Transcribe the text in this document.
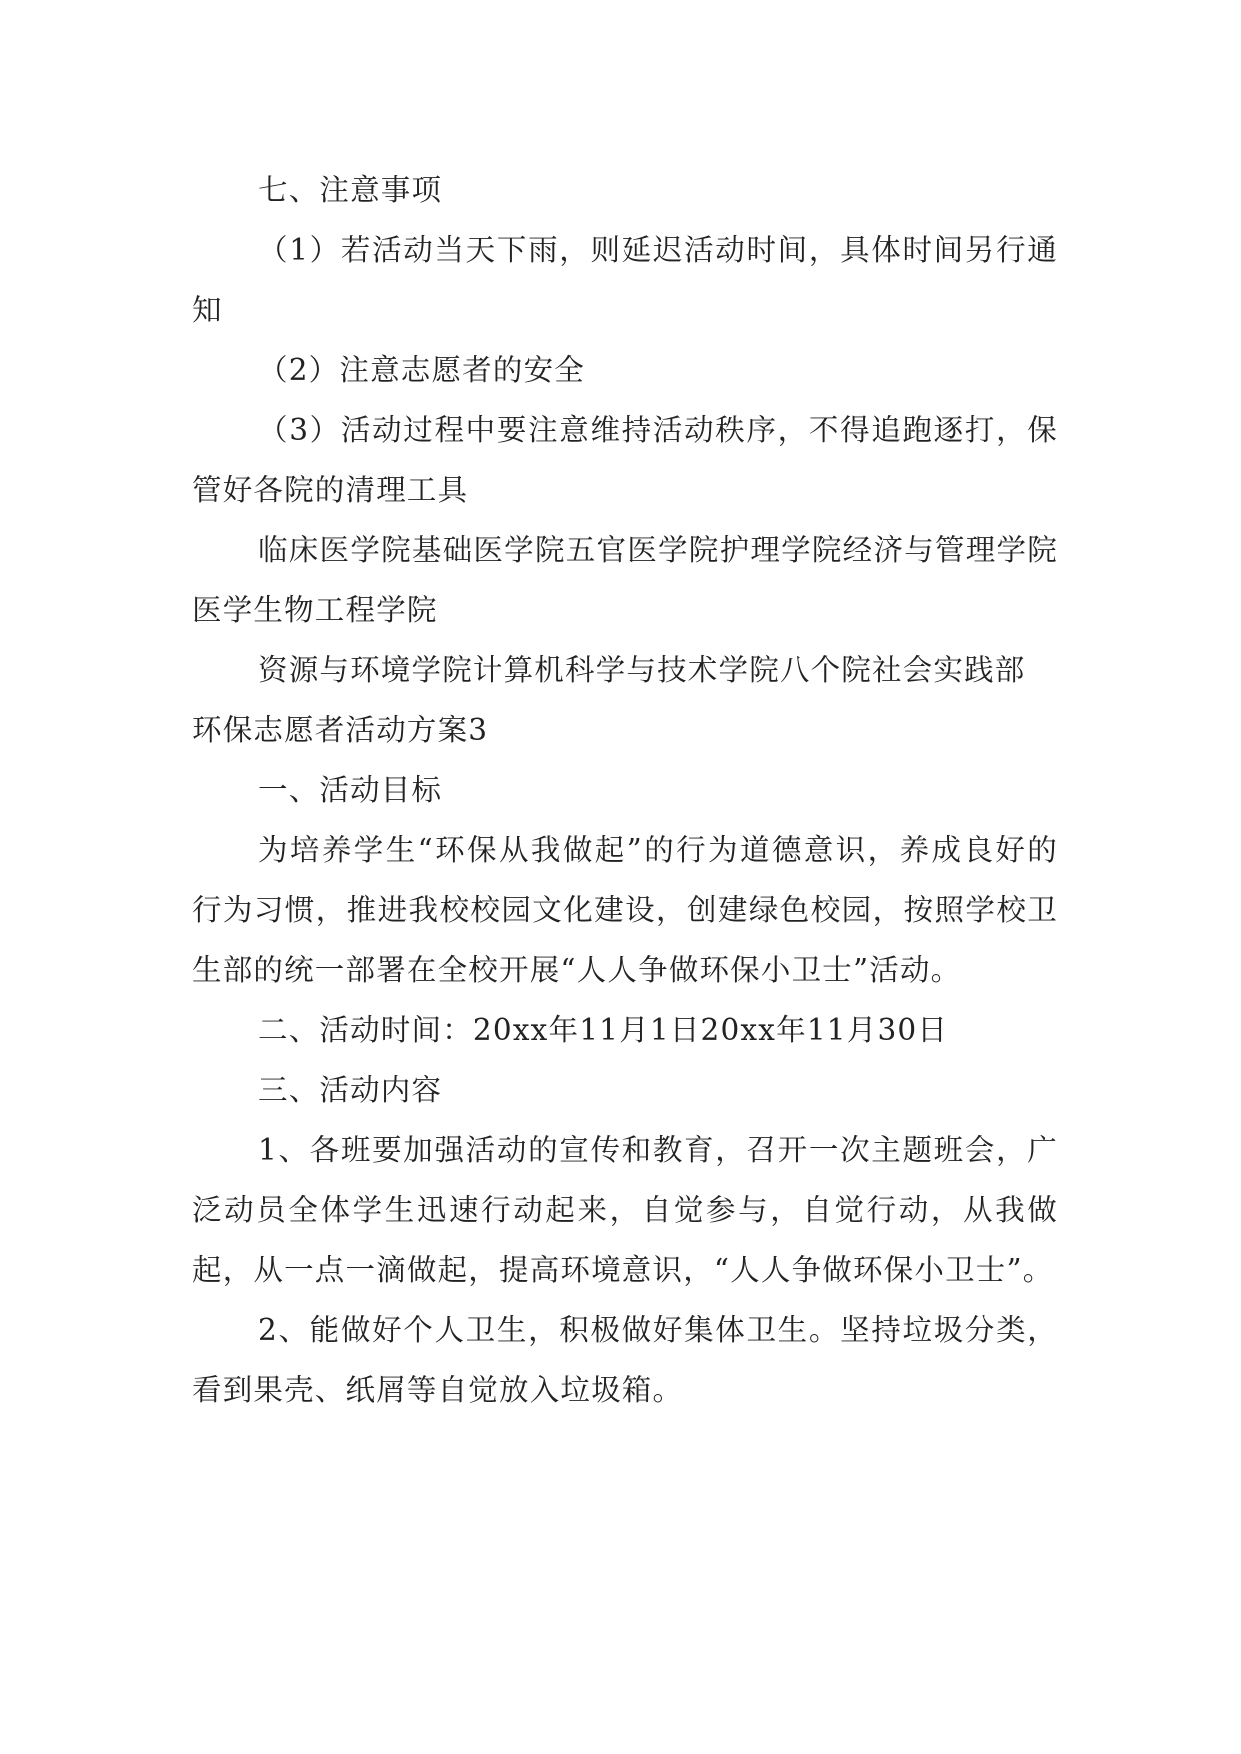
七、注意事项

（1）若活动当天下雨，则延迟活动时间，具体时间另行通知

（2）注意志愿者的安全

（3）活动过程中要注意维持活动秩序，不得追跑逐打，保管好各院的清理工具

临床医学院基础医学院五官医学院护理学院经济与管理学院医学生物工程学院

资源与环境学院计算机科学与技术学院八个院社会实践部

环保志愿者活动方案3

一、活动目标

为培养学生“环保从我做起”的行为道德意识，养成良好的行为习惯，推进我校校园文化建设，创建绿色校园，按照学校卫生部的统一部署在全校开展“人人争做环保小卫士”活动。

二、活动时间：20xx年11月1日20xx年11月30日

三、活动内容

1、各班要加强活动的宣传和教育，召开一次主题班会，广泛动员全体学生迅速行动起来，自觉参与，自觉行动，从我做起，从一点一滴做起，提高环境意识，“人人争做环保小卫士”。

2、能做好个人卫生，积极做好集体卫生。坚持垃圾分类，看到果壳、纸屑等自觉放入垃圾箱。
